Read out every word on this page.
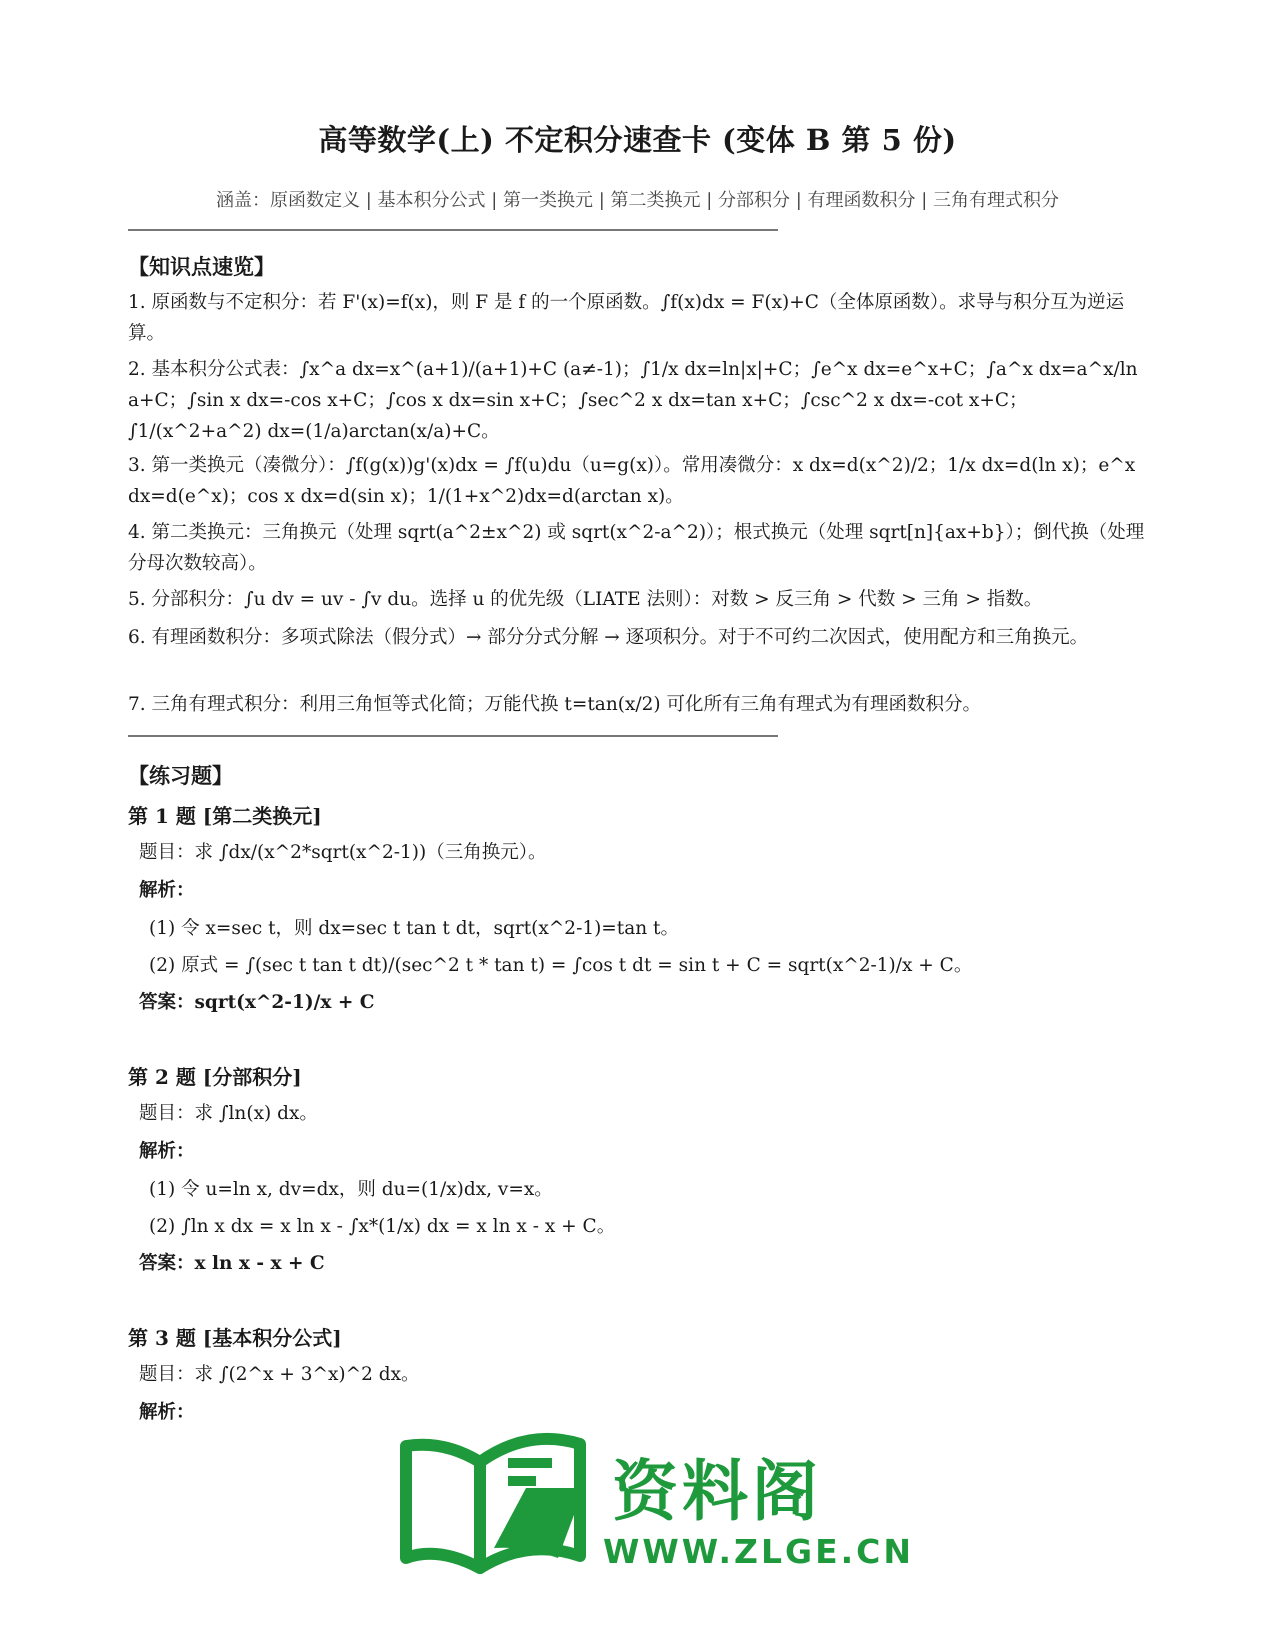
高等数学(上) 不定积分速查卡 (变体 B 第 5 份)
涵盖：原函数定义 | 基本积分公式 | 第一类换元 | 第二类换元 | 分部积分 | 有理函数积分 | 三角有理式积分
【知识点速览】
1. 原函数与不定积分：若 F'(x)=f(x)，则 F 是 f 的一个原函数。∫f(x)dx = F(x)+C（全体原函数）。求导与积分互为逆运算。
2. 基本积分公式表：∫x^a dx=x^(a+1)/(a+1)+C (a≠-1)；∫1/x dx=ln|x|+C；∫e^x dx=e^x+C；∫a^x dx=a^x/ln a+C；∫sin x dx=-cos x+C；∫cos x dx=sin x+C；∫sec^2 x dx=tan x+C；∫csc^2 x dx=-cot x+C；∫1/(x^2+a^2) dx=(1/a)arctan(x/a)+C。
3. 第一类换元（凑微分）：∫f(g(x))g'(x)dx = ∫f(u)du（u=g(x)）。常用凑微分：x dx=d(x^2)/2；1/x dx=d(ln x)；e^x dx=d(e^x)；cos x dx=d(sin x)；1/(1+x^2)dx=d(arctan x)。
4. 第二类换元：三角换元（处理 sqrt(a^2±x^2) 或 sqrt(x^2-a^2)）；根式换元（处理 sqrt[n]{ax+b}）；倒代换（处理分母次数较高）。
5. 分部积分：∫u dv = uv - ∫v du。选择 u 的优先级（LIATE 法则）：对数 > 反三角 > 代数 > 三角 > 指数。
6. 有理函数积分：多项式除法（假分式）→ 部分分式分解 → 逐项积分。对于不可约二次因式，使用配方和三角换元。
7. 三角有理式积分：利用三角恒等式化简；万能代换 t=tan(x/2) 可化所有三角有理式为有理函数积分。
【练习题】
第 1 题 [第二类换元]
题目：求 ∫dx/(x^2*sqrt(x^2-1))（三角换元）。
解析：
(1) 令 x=sec t，则 dx=sec t tan t dt，sqrt(x^2-1)=tan t。
(2) 原式 = ∫(sec t tan t dt)/(sec^2 t * tan t) = ∫cos t dt = sin t + C = sqrt(x^2-1)/x + C。
答案：sqrt(x^2-1)/x + C
第 2 题 [分部积分]
题目：求 ∫ln(x) dx。
解析：
(1) 令 u=ln x, dv=dx，则 du=(1/x)dx, v=x。
(2) ∫ln x dx = x ln x - ∫x*(1/x) dx = x ln x - x + C。
答案：x ln x - x + C
第 3 题 [基本积分公式]
题目：求 ∫(2^x + 3^x)^2 dx。
解析：
资料阁
WWW.ZLGE.CN
